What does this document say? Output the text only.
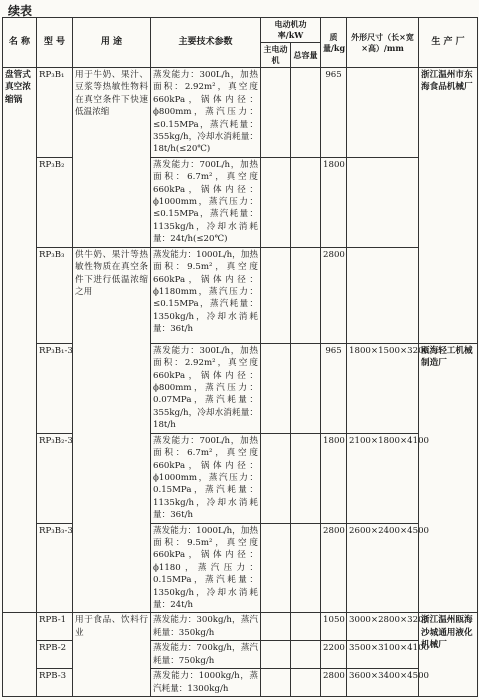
续表
名 称	型 号	用 途	主要技术参数	电动机功率/kW		质量/kg	外形尺寸（长×宽×高）/mm	生 产 厂
				主电动机	总容量			
盘管式真空浓缩锅	RP₃B₁	用于牛奶、果汁、豆浆等热敏性物料在真空条件下快速低温浓缩	蒸发能力：300L/h，加热面积：2.92m²，真空度660kPa，锅体内径：ϕ800mm，蒸汽压力：≤0.15MPa，蒸汽耗量：355kg/h，冷却水消耗量：18t/h(≤20℃)			965		浙江温州市东海食品机械厂
	RP₃B₂		蒸发能力：700L/h，加热面积：6.7m²，真空度660kPa，锅体内径：ϕ1000mm，蒸汽压力：≤0.15MPa，蒸汽耗量：1135kg/h，冷却水消耗量：24t/h(≤20℃)			1800		
	RP₃B₃	供牛奶、果汁等热敏性物质在真空条件下进行低温浓缩之用	蒸发能力：1000L/h，加热面积：9.5m²，真空度660kPa，锅体内径：ϕ1180mm，蒸汽压力：≤0.15MPa，蒸汽耗量：1350kg/h，冷却水消耗量：36t/h			2800		
	RP₃B₁-3		蒸发能力：300L/h，加热面积：2.92m²，真空度660kPa，锅体内径：ϕ800mm，蒸汽压力：0.07MPa，蒸汽耗量：355kg/h，冷却水消耗量：18t/h			965	1800×1500×3200	瓯海轻工机械制造厂
	RP₃B₂-3		蒸发能力：700L/h，加热面积：6.7m²，真空度660kPa，锅体内径：ϕ1000mm，蒸汽压力：0.15MPa，蒸汽耗量：1135kg/h，冷却水消耗量：36t/h			1800	2100×1800×4100	
	RP₃B₃-3		蒸发能力：1000L/h，加热面积：9.5m²，真空度660kPa，锅体内径：ϕ1180，蒸汽压力：0.15MPa，蒸汽耗量：1350kg/h，冷却水消耗量：24t/h			2800	2600×2400×4500	
	RPB-1	用于食品、饮料行业	蒸发能力：300kg/h，蒸汽耗量：350kg/h			1050	3000×2800×3200	浙江温州瓯海沙城通用液化机械厂
	RPB-2		蒸发能力：700kg/h，蒸汽耗量：750kg/h			2200	3500×3100×4100	
	RPB-3		蒸发能力：1000kg/h，蒸汽耗量：1300kg/h			2800	3600×3400×4500	
